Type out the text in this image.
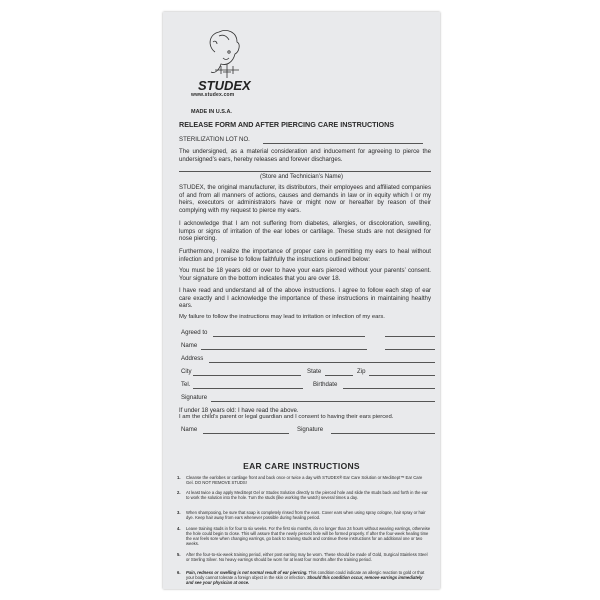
STUDEX
www.studex.com
MADE IN U.S.A.
RELEASE FORM AND AFTER PIERCING CARE INSTRUCTIONS
STERILIZATION LOT NO.
The undersigned, as a material consideration and inducement for agreeing to pierce the undersigned’s ears, hereby releases and forever discharges.
(Store and Technician’s Name)
STUDEX, the original manufacturer, its distributors, their employees and affiliated companies of and from all manners of actions, causes and demands in law or in equity which I or my heirs, executors or administrators have or might now or hereafter by reason of their complying with my request to pierce my ears.
I acknowledge that I am not suffering from diabetes, allergies, or discoloration, swelling, lumps or signs of irritation of the ear lobes or cartilage. These studs are not designed for nose piercing.
Furthermore, I realize the importance of proper care in permitting my ears to heal without infection and promise to follow faithfully the instructions outlined below:
You must be 18 years old or over to have your ears pierced without your parents’ consent. Your signature on the bottom indicates that you are over 18.
I have read and understand all of the above instructions. I agree to follow each step of ear care exactly and I acknowledge the importance of these instructions in maintaining healthy ears.
My failure to follow the instructions may lead to irritation or infection of my ears.
Agreed to
Name
Address
City	State	Zip
Tel.	Birthdate
Signature
If under 18 years old: I have read the above.
I am the child’s parent or legal guardian and I consent to having their ears pierced.
Name	Signature
EAR CARE INSTRUCTIONS
1. Cleanse the earlobes or cartilage front and back once or twice a day with STUDEX® Ear Care Solution or MediSept™ Ear Care Gel. DO NOT REMOVE STUDS!
2. At least twice a day apply MediSept Gel or Studex Solution directly to the pierced hole and slide the studs back and forth in the ear to work the solution into the hole. Turn the studs (like working the watch) several times a day.
3. When shampooing, be sure that soap is completely rinsed from the ears. Cover ears when using spray cologne, hair spray or hair dye. Keep hair away from ears whenever possible during healing period.
4. Leave training studs in for four to six weeks. For the first six months, do no longer than 24 hours without wearing earrings, otherwise the hole could begin to close. This will assure that the newly pierced hole will be formed properly. If after the four-week healing time the ear feels sore when changing earrings, go back to training studs and continue these instructions for an additional one or two weeks.
5. After the four-to-six-week training period, either post earring may be worn. These should be made of Gold, Surgical Stainless Steel or Sterling Silver. No heavy earrings should be worn for at least four months after the training period.
6. Pain, redness or swelling is not normal result of ear piercing. This condition could indicate an allergic reaction to gold or that your body cannot tolerate a foreign object in the skin or infection. Should this condition occur, remove earrings immediately and see your physician at once.
